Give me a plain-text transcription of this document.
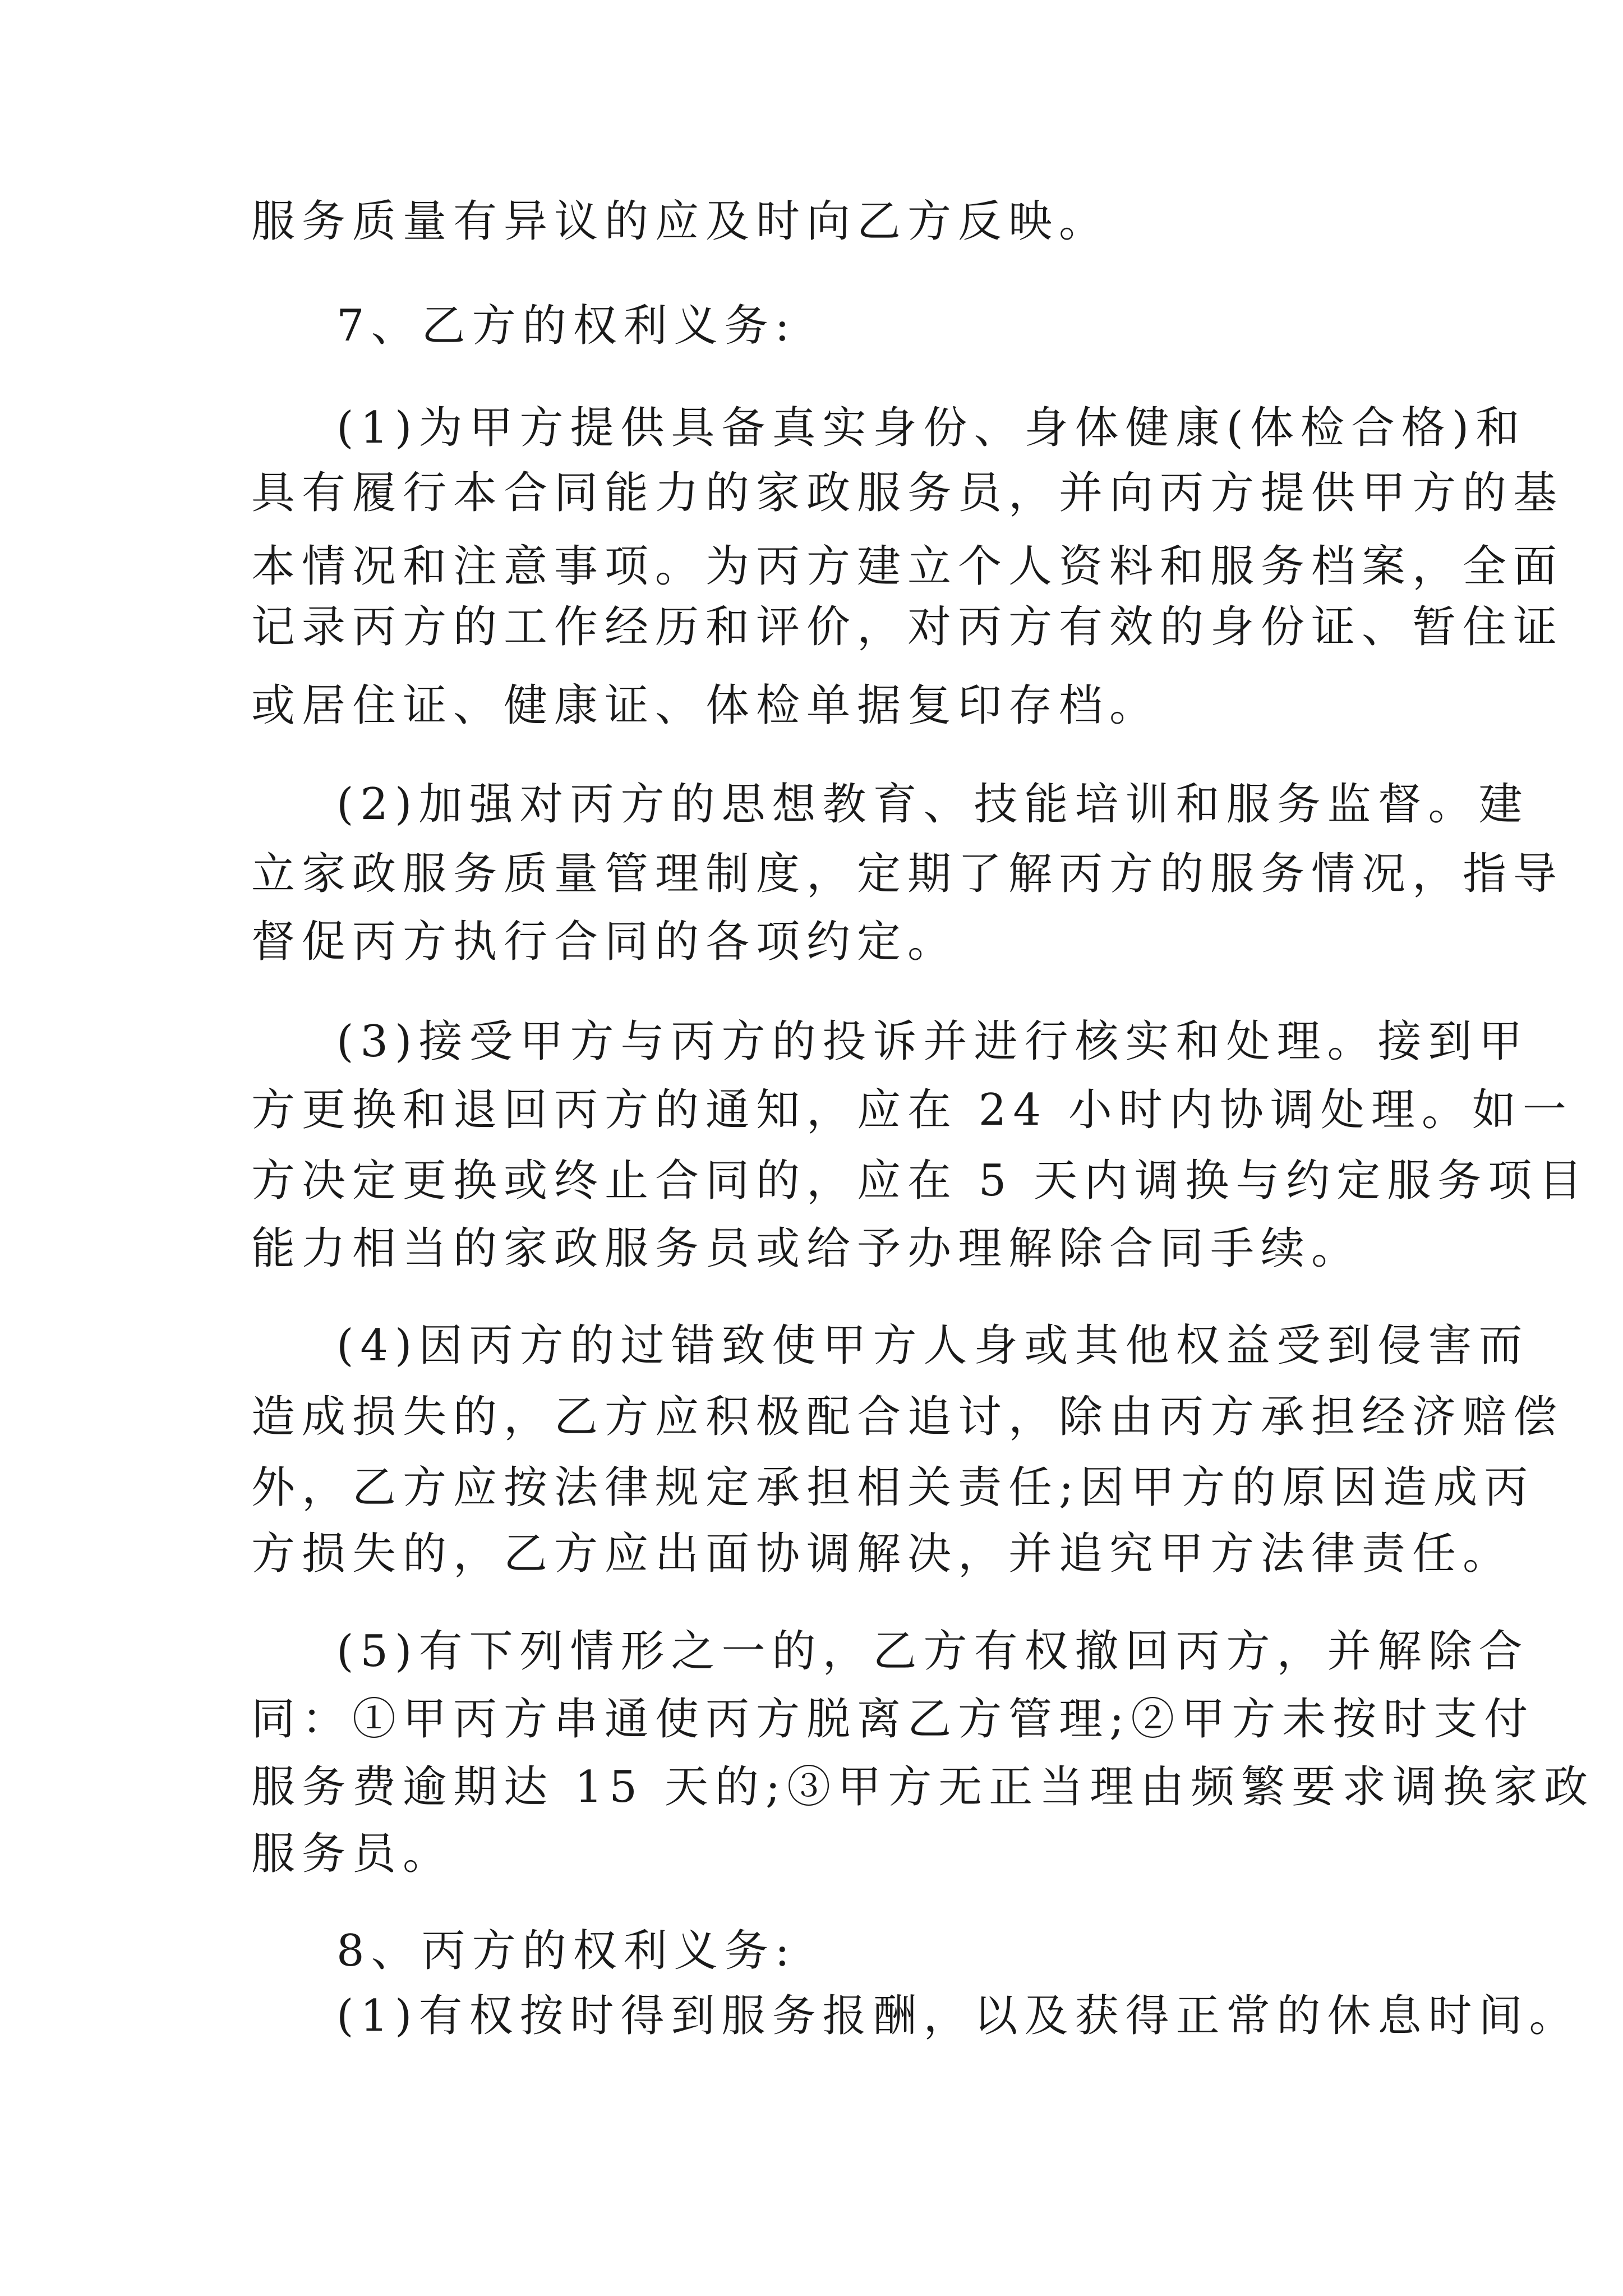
服务质量有异议的应及时向乙方反映。
7、乙方的权利义务:
(1)为甲方提供具备真实身份、身体健康(体检合格)和
具有履行本合同能力的家政服务员，并向丙方提供甲方的基
本情况和注意事项。为丙方建立个人资料和服务档案，全面
记录丙方的工作经历和评价，对丙方有效的身份证、暂住证
或居住证、健康证、体检单据复印存档。
(2)加强对丙方的思想教育、技能培训和服务监督。建
立家政服务质量管理制度，定期了解丙方的服务情况，指导
督促丙方执行合同的各项约定。
(3)接受甲方与丙方的投诉并进行核实和处理。接到甲
方更换和退回丙方的通知，应在 24 小时内协调处理。如一
方决定更换或终止合同的，应在 5 天内调换与约定服务项目
能力相当的家政服务员或给予办理解除合同手续。
(4)因丙方的过错致使甲方人身或其他权益受到侵害而
造成损失的，乙方应积极配合追讨，除由丙方承担经济赔偿
外，乙方应按法律规定承担相关责任;因甲方的原因造成丙
方损失的，乙方应出面协调解决，并追究甲方法律责任。
(5)有下列情形之一的，乙方有权撤回丙方，并解除合
同：①甲丙方串通使丙方脱离乙方管理;②甲方未按时支付
服务费逾期达 15 天的;③甲方无正当理由频繁要求调换家政
服务员。
8、丙方的权利义务:
(1)有权按时得到服务报酬，以及获得正常的休息时间。
